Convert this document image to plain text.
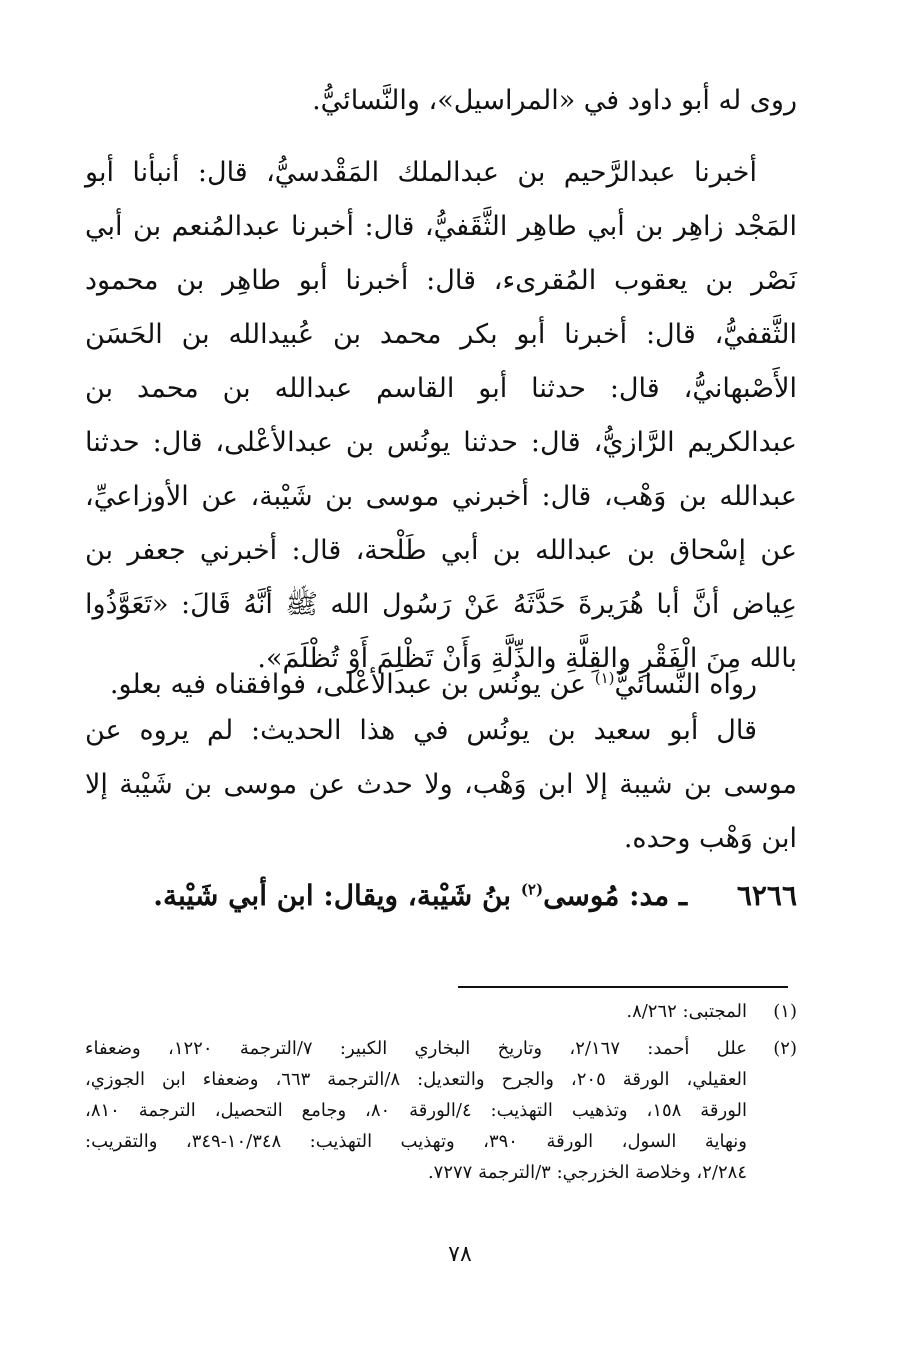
روى له أبو داود في «المراسيل»، والنَّسائيُّ.
أخبرنا عبدالرَّحيم بن عبدالملك المَقْدسيُّ، قال: أنبأنا أبو
المَجْد زاهِر بن أبي طاهِر الثَّقَفيُّ، قال: أخبرنا عبدالمُنعم بن أبي
نَصْر بن يعقوب المُقرىء، قال: أخبرنا أبو طاهِر بن محمود
الثَّقفيُّ، قال: أخبرنا أبو بكر محمد بن عُبيدالله بن الحَسَن
الأَصْبهانيُّ، قال: حدثنا أبو القاسم عبدالله بن محمد بن
عبدالكريم الرَّازيُّ، قال: حدثنا يونُس بن عبدالأعْلى، قال: حدثنا
عبدالله بن وَهْب، قال: أخبرني موسى بن شَيْبة، عن الأوزاعيِّ،
عن إسْحاق بن عبدالله بن أبي طَلْحة، قال: أخبرني جعفر بن
عِياض أنَّ أبا هُرَيرةَ حَدَّثَهُ عَنْ رَسُول الله ﷺ أنَّهُ قَالَ: «تَعَوَّذُوا
بالله مِنَ الْفَقْرِ والقِلَّةِ والذِّلَّةِ وَأَنْ تَظْلِمَ أَوْ تُظْلَمَ».
رواه النَّسائيُّ$^{(١)}$ عن يونُس بن عبدالأعْلى، فوافقناه فيه بعلو.
قال أبو سعيد بن يونُس في هذا الحديث: لم يروه عن
موسى بن شيبة إلا ابن وَهْب، ولا حدث عن موسى بن شَيْبة إلا
ابن وَهْب وحده.
٦٢٦٦ ـ مد: مُوسى$^{(٢)}$ بنُ شَيْبة، ويقال: ابن أبي شَيْبة.
(١)
المجتبى: ٨/٢٦٢.
(٢)
علل أحمد: ٢/١٦٧، وتاريخ البخاري الكبير: ٧/الترجمة ١٢٢٠، وضعفاء
العقيلي، الورقة ٢٠٥، والجرح والتعديل: ٨/الترجمة ٦٦٣، وضعفاء ابن الجوزي،
الورقة ١٥٨، وتذهيب التهذيب: ٤/الورقة ٨٠، وجامع التحصيل، الترجمة ٨١٠،
ونهاية السول، الورقة ٣٩٠، وتهذيب التهذيب: ١٠/٣٤٨-٣٤٩، والتقريب:
٢/٢٨٤، وخلاصة الخزرجي: ٣/الترجمة ٧٢٧٧.
٧٨
